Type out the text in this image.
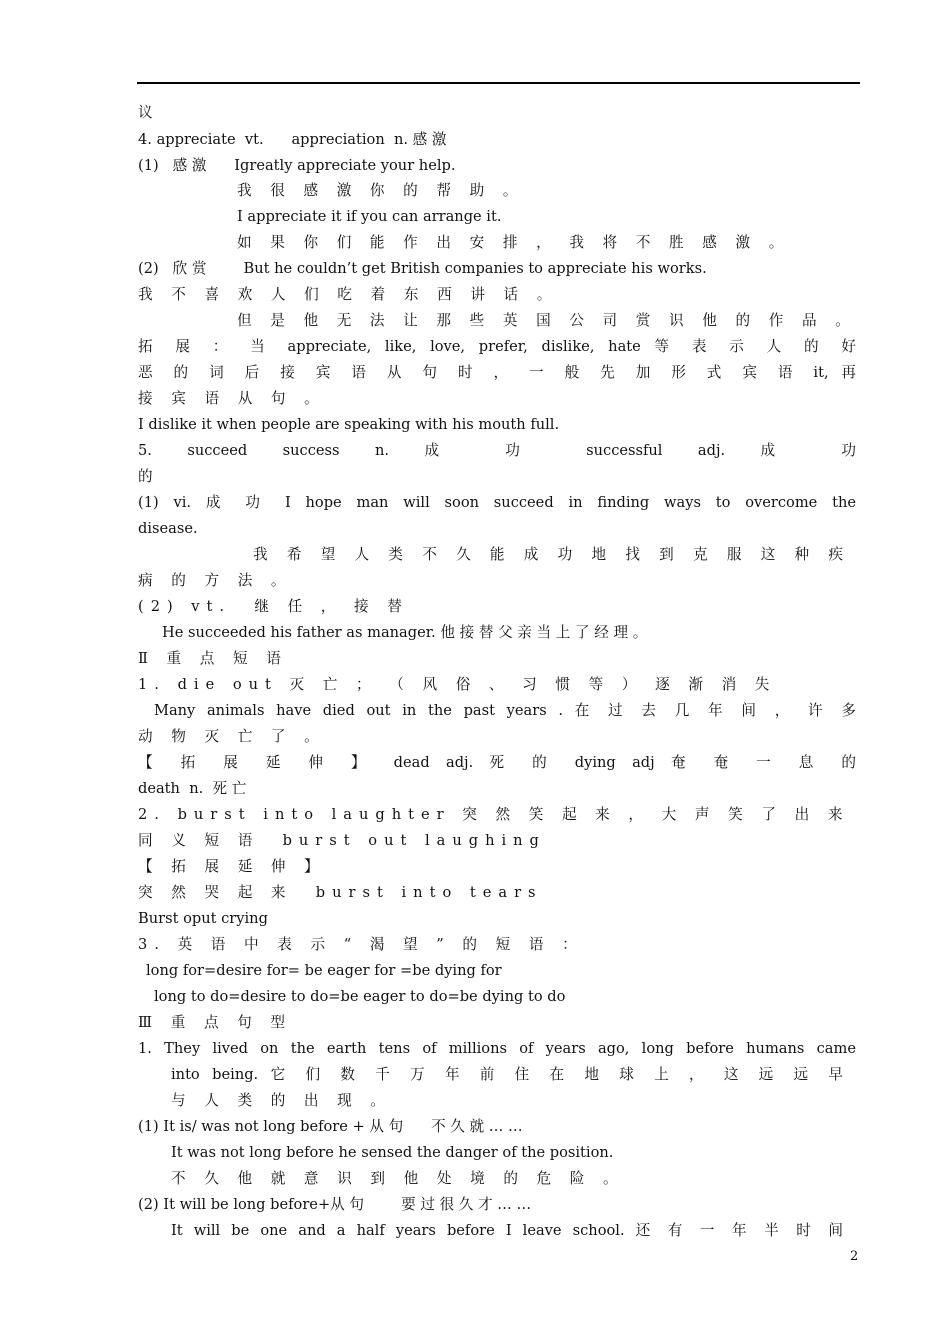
议
4. appreciate  vt.      appreciation  n. 感 激
(1)   感 激      Igreatly appreciate your help.
我 很 感 激 你 的 帮 助 。
I appreciate it if you can arrange it.
如 果 你 们 能 作 出 安 排 ， 我 将 不 胜 感 激 。
(2)   欣 赏        But he couldn’t get British companies to appreciate his works.
我 不 喜 欢 人 们 吃 着 东 西 讲 话 。
但 是 他 无 法 让 那 些 英 国 公 司 赏 识 他 的 作 品 。
拓 展 ： 当 appreciate, like, love, prefer, dislike, hate 等 表 示 人 的 好
恶 的 词 后 接 宾 语 从 句 时 ， 一 般 先 加 形 式 宾 语 it, 再
接 宾 语 从 句 。
I dislike it when people are speaking with his mouth full.
5. succeed success n. 成 功 successful adj. 成 功
的
(1) vi. 成 功 I hope man will soon succeed in finding ways to overcome the
disease.
我 希 望 人 类 不 久 能 成 功 地 找 到 克 服 这 种 疾
病 的 方 法 。
(2) vt.  继 任 ， 接 替
He succeeded his father as manager. 他 接 替 父 亲 当 上 了 经 理 。
Ⅱ 重 点 短 语
1. die out 灭 亡 ； （ 风 俗 、 习 惯 等 ） 逐 渐 消 失
Many animals have died out in the past years . 在 过 去 几 年 间 ， 许 多
动 物 灭 亡 了 。
【 拓 展 延 伸 】 dead adj. 死 的 dying adj 奄 奄 一 息 的
death  n.  死 亡
2. burst into laughter 突 然 笑 起 来 ， 大 声 笑 了 出 来
同 义 短 语  burst out laughing
【 拓 展 延 伸 】
突 然 哭 起 来  burst into tears
Burst oput crying
3. 英 语 中 表 示 “ 渴 望 ” 的 短 语 ：
long for=desire for= be eager for =be dying for
long to do=desire to do=be eager to do=be dying to do
Ⅲ 重 点 句 型
1. They lived on the earth tens of millions of years ago, long before humans came
into being. 它 们 数 千 万 年 前 住 在 地 球 上 ， 这 远 远 早
与 人 类 的 出 现 。
(1) It is/ was not long before + 从 句      不 久 就 … …
It was not long before he sensed the danger of the position.
不 久 他 就 意 识 到 他 处 境 的 危 险 。
(2) It will be long before+从 句        要 过 很 久 才 … …
It will be one and a half years before I leave school. 还 有 一 年 半 时 间
2
